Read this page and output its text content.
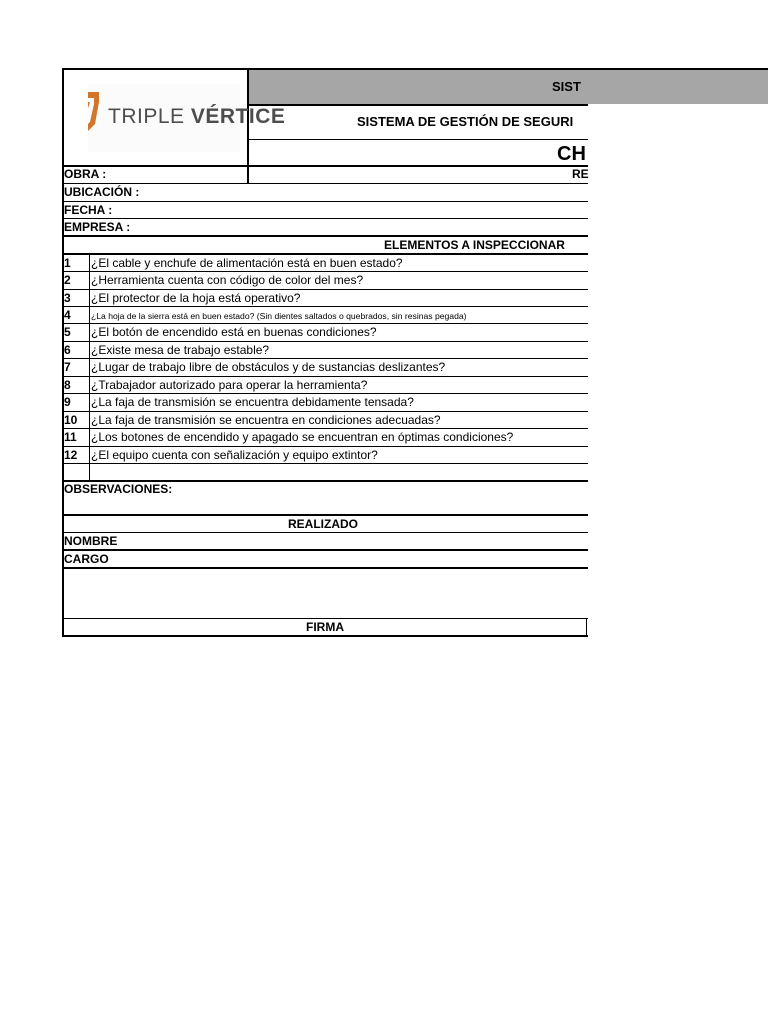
TRIPLE VÉRTICE
SIST
SISTEMA DE GESTIÓN DE SEGURI
CH
OBRA :	RE
UBICACIÓN :
FECHA :
EMPRESA :
ELEMENTOS A INSPECCIONAR
1 ¿El cable y enchufe de alimentación está en buen estado?
2 ¿Herramienta cuenta con código de color del mes?
3 ¿El protector de la hoja está operativo?
4 ¿La hoja de la sierra está en buen estado? (Sin dientes saltados o quebrados, sin resinas pegada)
5 ¿El botón de encendido está en buenas condiciones?
6 ¿Existe mesa de trabajo estable?
7 ¿Lugar de trabajo libre de obstáculos y de sustancias deslizantes?
8 ¿Trabajador autorizado para operar la herramienta?
9 ¿La faja de transmisión se encuentra debidamente tensada?
10 ¿La faja de transmisión se encuentra en condiciones adecuadas?
11 ¿Los botones de encendido y apagado se encuentran en óptimas condiciones?
12 ¿El equipo cuenta con señalización y equipo extintor?
OBSERVACIONES:
REALIZADO
NOMBRE
CARGO
FIRMA
